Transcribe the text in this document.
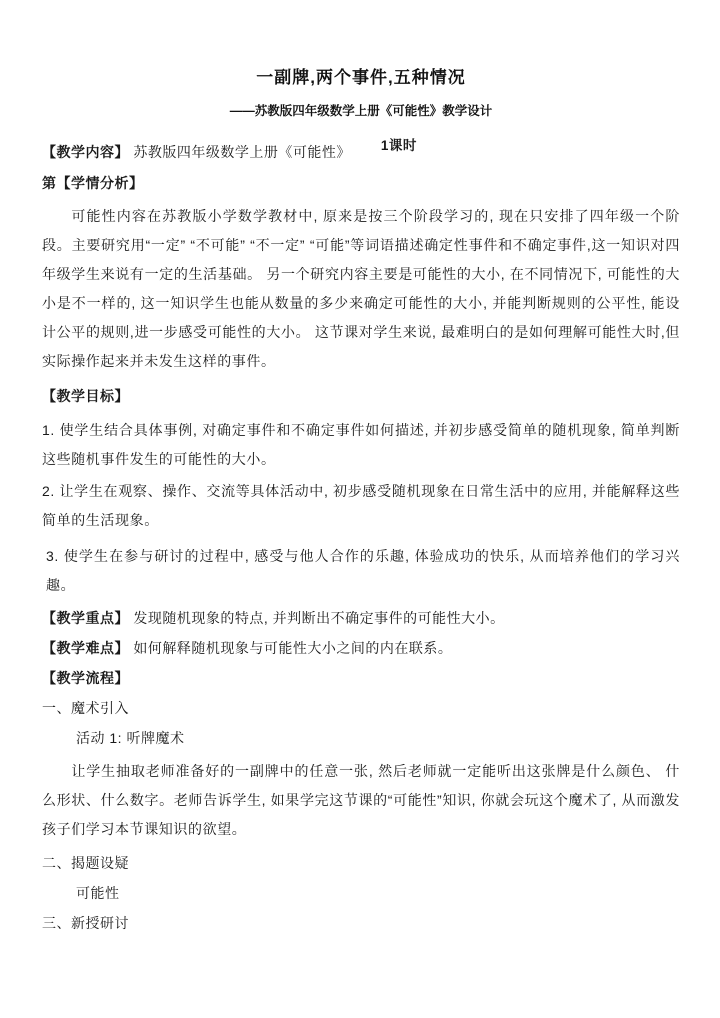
一副牌,两个事件,五种情况
——苏教版四年级数学上册《可能性》教学设计
【教学内容】 苏教版四年级数学上册《可能性》 1课时
第【学情分析】

可能性内容在苏教版小学数学教材中, 原来是按三个阶段学习的, 现在只安排了四年级一个阶段。主要研究用“一定” “不可能” “不一定” “可能”等词语描述确定性事件和不确定事件,这一知识对四年级学生来说有一定的生活基础。 另一个研究内容主要是可能性的大小, 在不同情况下, 可能性的大小是不一样的, 这一知识学生也能从数量的多少来确定可能性的大小, 并能判断规则的公平性, 能设计公平的规则,进一步感受可能性的大小。 这节课对学生来说, 最难明白的是如何理解可能性大时,但实际操作起来并未发生这样的事件。

【教学目标】

1. 使学生结合具体事例, 对确定事件和不确定事件如何描述, 并初步感受简单的随机现象, 简单判断这些随机事件发生的可能性的大小。

2. 让学生在观察、操作、交流等具体活动中, 初步感受随机现象在日常生活中的应用, 并能解释这些简单的生活现象。

3. 使学生在参与研讨的过程中, 感受与他人合作的乐趣, 体验成功的快乐, 从而培养他们的学习兴趣。

【教学重点】 发现随机现象的特点, 并判断出不确定事件的可能性大小。
【教学难点】 如何解释随机现象与可能性大小之间的内在联系。
【教学流程】
一、魔术引入
活动 1: 听牌魔术

让学生抽取老师准备好的一副牌中的任意一张, 然后老师就一定能听出这张牌是什么颜色、 什么形状、什么数字。老师告诉学生, 如果学完这节课的“可能性”知识, 你就会玩这个魔术了, 从而激发孩子们学习本节课知识的欲望。

二、揭题设疑
可能性
三、新授研讨
